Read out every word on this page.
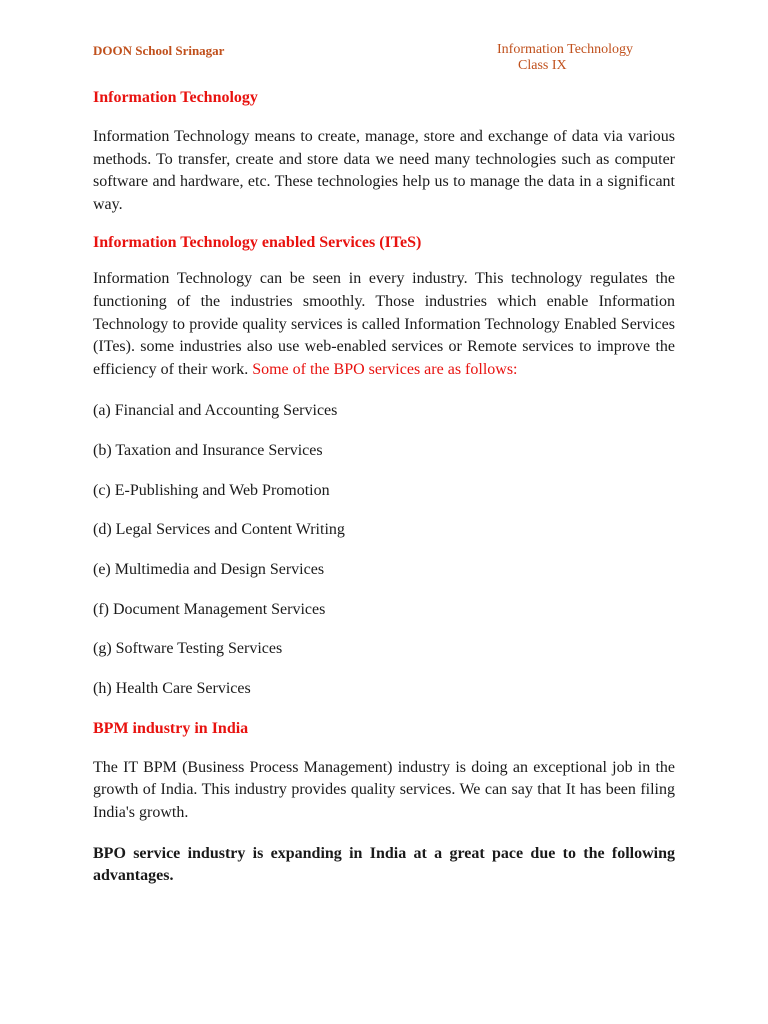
DOON School Srinagar	Information Technology
Class IX
Information Technology

Information Technology means to create, manage, store and exchange of data via various methods. To transfer, create and store data we need many technologies such as computer software and hardware, etc. These technologies help us to manage the data in a significant way.

Information Technology enabled Services (ITeS)

Information Technology can be seen in every industry. This technology regulates the functioning of the industries smoothly. Those industries which enable Information Technology to provide quality services is called Information Technology Enabled Services (ITes). some industries also use web-enabled services or Remote services to improve the efficiency of their work. Some of the BPO services are as follows:

(a) Financial and Accounting Services
(b) Taxation and Insurance Services
(c) E-Publishing and Web Promotion
(d) Legal Services and Content Writing
(e) Multimedia and Design Services
(f) Document Management Services
(g) Software Testing Services
(h) Health Care Services
BPM industry in India

The IT BPM (Business Process Management) industry is doing an exceptional job in the growth of India. This industry provides quality services. We can say that It has been filing India's growth.

BPO service industry is expanding in India at a great pace due to the following advantages.
